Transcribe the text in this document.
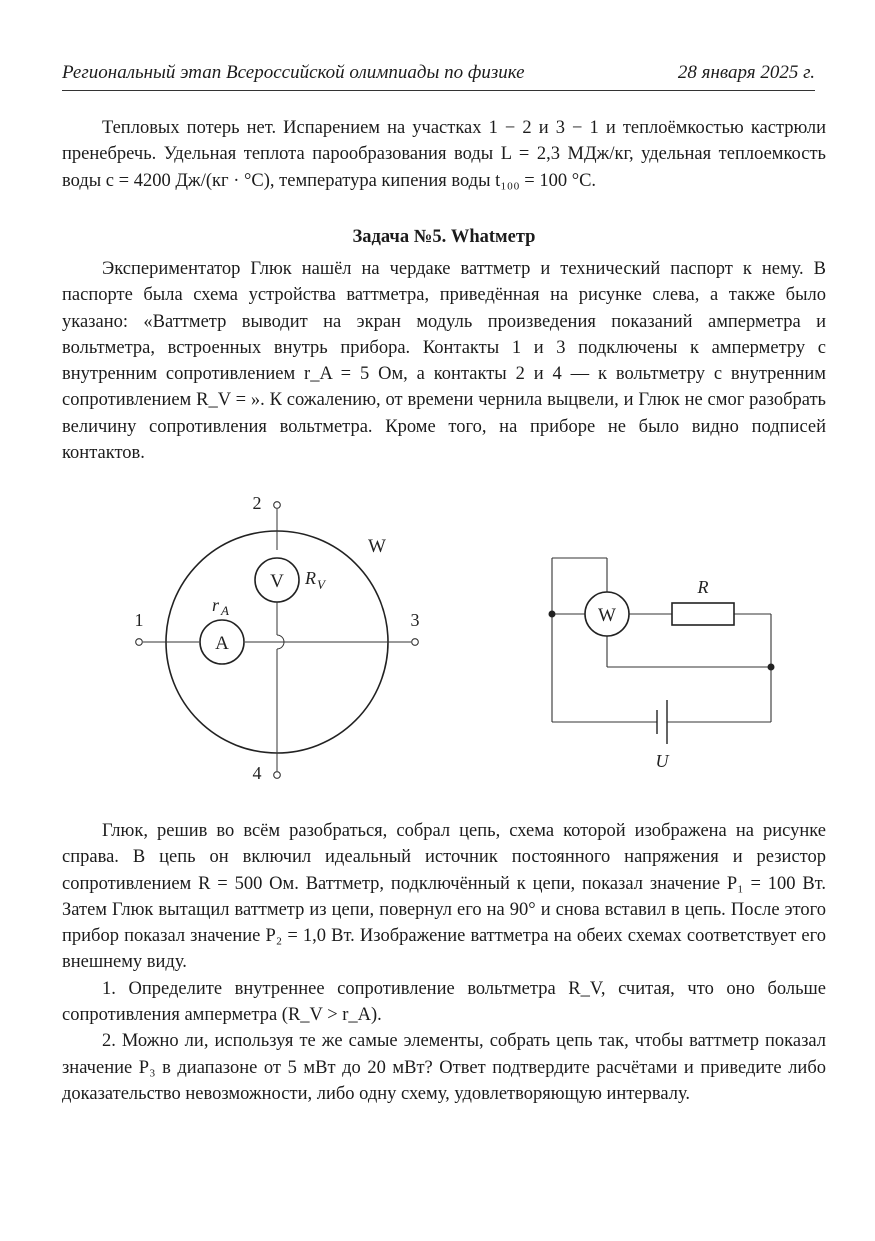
Региональный этап Всероссийской олимпиады по физике	28 января 2025 г.

Тепловых потерь нет. Испарением на участках 1 − 2 и 3 − 1 и теплоёмкостью кастрюли пренебречь. Удельная теплота парообразования воды L = 2,3 МДж/кг, удельная теплоемкость воды c = 4200 Дж/(кг · °C), температура кипения воды t₁₀₀ = 100 °C.

Задача №5. Whatметр

Экспериментатор Глюк нашёл на чердаке ваттметр и технический паспорт к нему. В паспорте была схема устройства ваттметра, приведённая на рисунке слева, а также было указано: «Ваттметр выводит на экран модуль произведения показаний амперметра и вольтметра, встроенных внутрь прибора. Контакты 1 и 3 подключены к амперметру с внутренним сопротивлением r_A = 5 Ом, а контакты 2 и 4 — к вольтметру с внутренним сопротивлением R_V = ». К сожалению, от времени чернила выцвели, и Глюк не смог разобрать величину сопротивления вольтметра. Кроме того, на приборе не было видно подписей контактов.

V
A
2
4
1	3
W
R V
r A	W
R
U

Глюк, решив во всём разобраться, собрал цепь, схема которой изображена на рисунке справа. В цепь он включил идеальный источник постоянного напряжения и резистор сопротивлением R = 500 Ом. Ваттметр, подключённый к цепи, показал значение P₁ = 100 Вт. Затем Глюк вытащил ваттметр из цепи, повернул его на 90° и снова вставил в цепь. После этого прибор показал значение P₂ = 1,0 Вт. Изображение ваттметра на обеих схемах соответствует его внешнему виду.

1. Определите внутреннее сопротивление вольтметра R_V, считая, что оно больше сопротивления амперметра (R_V > r_A).

2. Можно ли, используя те же самые элементы, собрать цепь так, чтобы ваттметр показал значение P₃ в диапазоне от 5 мВт до 20 мВт? Ответ подтвердите расчётами и приведите либо доказательство невозможности, либо одну схему, удовлетворяющую интервалу.
